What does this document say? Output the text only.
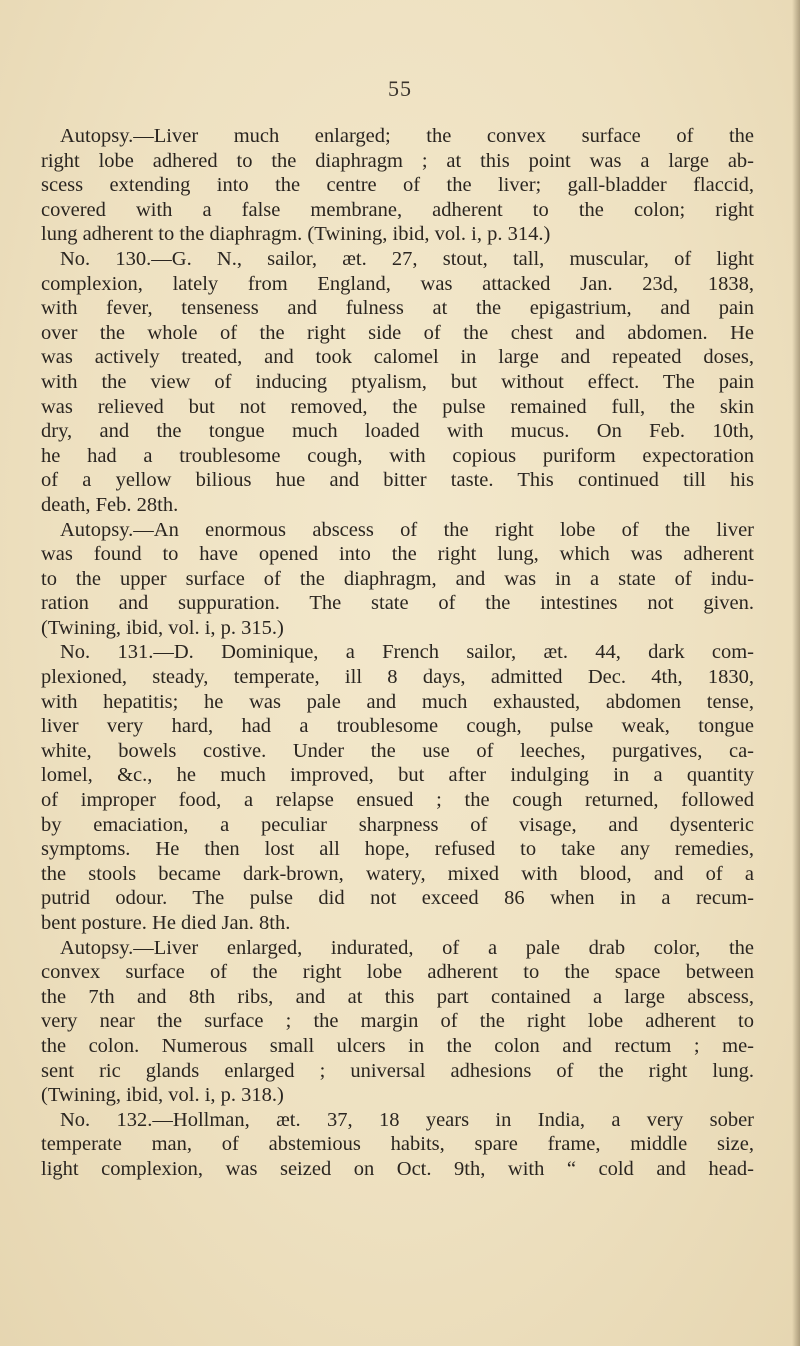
55
Autopsy.—Liver much enlarged; the convex surface of the
right lobe adhered to the diaphragm ; at this point was a large ab-
scess extending into the centre of the liver; gall-bladder flaccid,
covered with a false membrane, adherent to the colon; right
lung adherent to the diaphragm. (Twining, ibid, vol. i, p. 314.)
No. 130.—G. N., sailor, æt. 27, stout, tall, muscular, of light
complexion, lately from England, was attacked Jan. 23d, 1838,
with fever, tenseness and fulness at the epigastrium, and pain
over the whole of the right side of the chest and abdomen. He
was actively treated, and took calomel in large and repeated doses,
with the view of inducing ptyalism, but without effect. The pain
was relieved but not removed, the pulse remained full, the skin
dry, and the tongue much loaded with mucus. On Feb. 10th,
he had a troublesome cough, with copious puriform expectoration
of a yellow bilious hue and bitter taste. This continued till his
death, Feb. 28th.
Autopsy.—An enormous abscess of the right lobe of the liver
was found to have opened into the right lung, which was adherent
to the upper surface of the diaphragm, and was in a state of indu-
ration and suppuration. The state of the intestines not given.
(Twining, ibid, vol. i, p. 315.)
No. 131.—D. Dominique, a French sailor, æt. 44, dark com-
plexioned, steady, temperate, ill 8 days, admitted Dec. 4th, 1830,
with hepatitis; he was pale and much exhausted, abdomen tense,
liver very hard, had a troublesome cough, pulse weak, tongue
white, bowels costive. Under the use of leeches, purgatives, ca-
lomel, &c., he much improved, but after indulging in a quantity
of improper food, a relapse ensued ; the cough returned, followed
by emaciation, a peculiar sharpness of visage, and dysenteric
symptoms. He then lost all hope, refused to take any remedies,
the stools became dark-brown, watery, mixed with blood, and of a
putrid odour. The pulse did not exceed 86 when in a recum-
bent posture. He died Jan. 8th.
Autopsy.—Liver enlarged, indurated, of a pale drab color, the
convex surface of the right lobe adherent to the space between
the 7th and 8th ribs, and at this part contained a large abscess,
very near the surface ; the margin of the right lobe adherent to
the colon. Numerous small ulcers in the colon and rectum ; me-
sent ric glands enlarged ; universal adhesions of the right lung.
(Twining, ibid, vol. i, p. 318.)
No. 132.—Hollman, æt. 37, 18 years in India, a very sober
temperate man, of abstemious habits, spare frame, middle size,
light complexion, was seized on Oct. 9th, with “ cold and head-
